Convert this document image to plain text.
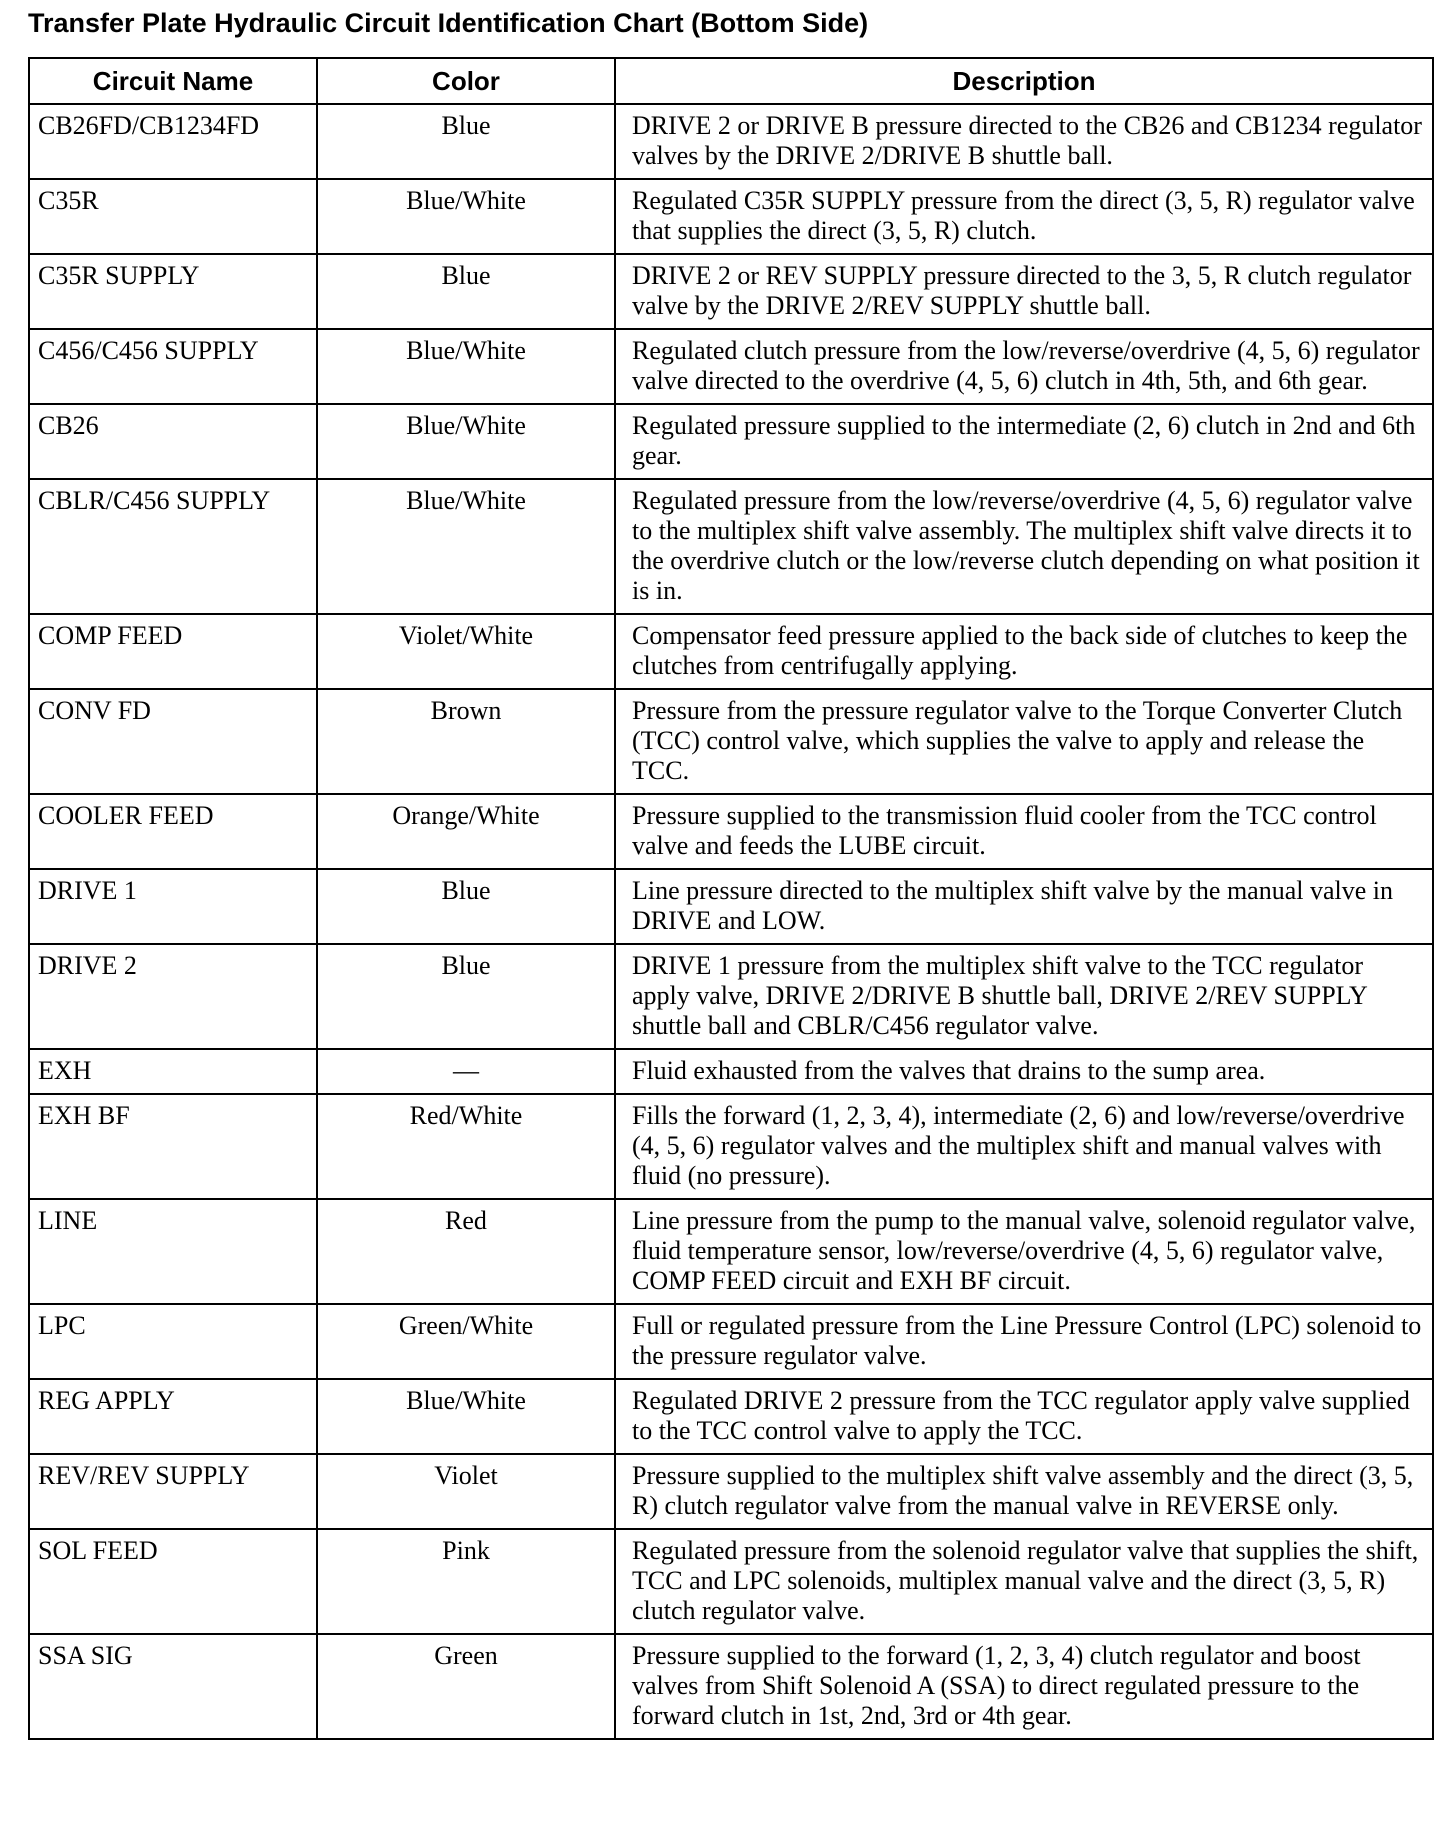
Transfer Plate Hydraulic Circuit Identification Chart (Bottom Side)
Circuit Name	Color	Description
CB26FD/CB1234FD	Blue	DRIVE 2 or DRIVE B pressure directed to the CB26 and CB1234 regulator valves by the DRIVE 2/DRIVE B shuttle ball.
C35R	Blue/White	Regulated C35R SUPPLY pressure from the direct (3, 5, R) regulator valve that supplies the direct (3, 5, R) clutch.
C35R SUPPLY	Blue	DRIVE 2 or REV SUPPLY pressure directed to the 3, 5, R clutch regulator valve by the DRIVE 2/REV SUPPLY shuttle ball.
C456/C456 SUPPLY	Blue/White	Regulated clutch pressure from the low/reverse/overdrive (4, 5, 6) regulator valve directed to the overdrive (4, 5, 6) clutch in 4th, 5th, and 6th gear.
CB26	Blue/White	Regulated pressure supplied to the intermediate (2, 6) clutch in 2nd and 6th gear.
CBLR/C456 SUPPLY	Blue/White	Regulated pressure from the low/reverse/overdrive (4, 5, 6) regulator valve to the multiplex shift valve assembly. The multiplex shift valve directs it to the overdrive clutch or the low/reverse clutch depending on what position it is in.
COMP FEED	Violet/White	Compensator feed pressure applied to the back side of clutches to keep the clutches from centrifugally applying.
CONV FD	Brown	Pressure from the pressure regulator valve to the Torque Converter Clutch (TCC) control valve, which supplies the valve to apply and release the TCC.
COOLER FEED	Orange/White	Pressure supplied to the transmission fluid cooler from the TCC control valve and feeds the LUBE circuit.
DRIVE 1	Blue	Line pressure directed to the multiplex shift valve by the manual valve in DRIVE and LOW.
DRIVE 2	Blue	DRIVE 1 pressure from the multiplex shift valve to the TCC regulator apply valve, DRIVE 2/DRIVE B shuttle ball, DRIVE 2/REV SUPPLY shuttle ball and CBLR/C456 regulator valve.
EXH	—	Fluid exhausted from the valves that drains to the sump area.
EXH BF	Red/White	Fills the forward (1, 2, 3, 4), intermediate (2, 6) and low/reverse/overdrive (4, 5, 6) regulator valves and the multiplex shift and manual valves with fluid (no pressure).
LINE	Red	Line pressure from the pump to the manual valve, solenoid regulator valve, fluid temperature sensor, low/reverse/overdrive (4, 5, 6) regulator valve, COMP FEED circuit and EXH BF circuit.
LPC	Green/White	Full or regulated pressure from the Line Pressure Control (LPC) solenoid to the pressure regulator valve.
REG APPLY	Blue/White	Regulated DRIVE 2 pressure from the TCC regulator apply valve supplied to the TCC control valve to apply the TCC.
REV/REV SUPPLY	Violet	Pressure supplied to the multiplex shift valve assembly and the direct (3, 5, R) clutch regulator valve from the manual valve in REVERSE only.
SOL FEED	Pink	Regulated pressure from the solenoid regulator valve that supplies the shift, TCC and LPC solenoids, multiplex manual valve and the direct (3, 5, R) clutch regulator valve.
SSA SIG	Green	Pressure supplied to the forward (1, 2, 3, 4) clutch regulator and boost valves from Shift Solenoid A (SSA) to direct regulated pressure to the forward clutch in 1st, 2nd, 3rd or 4th gear.
